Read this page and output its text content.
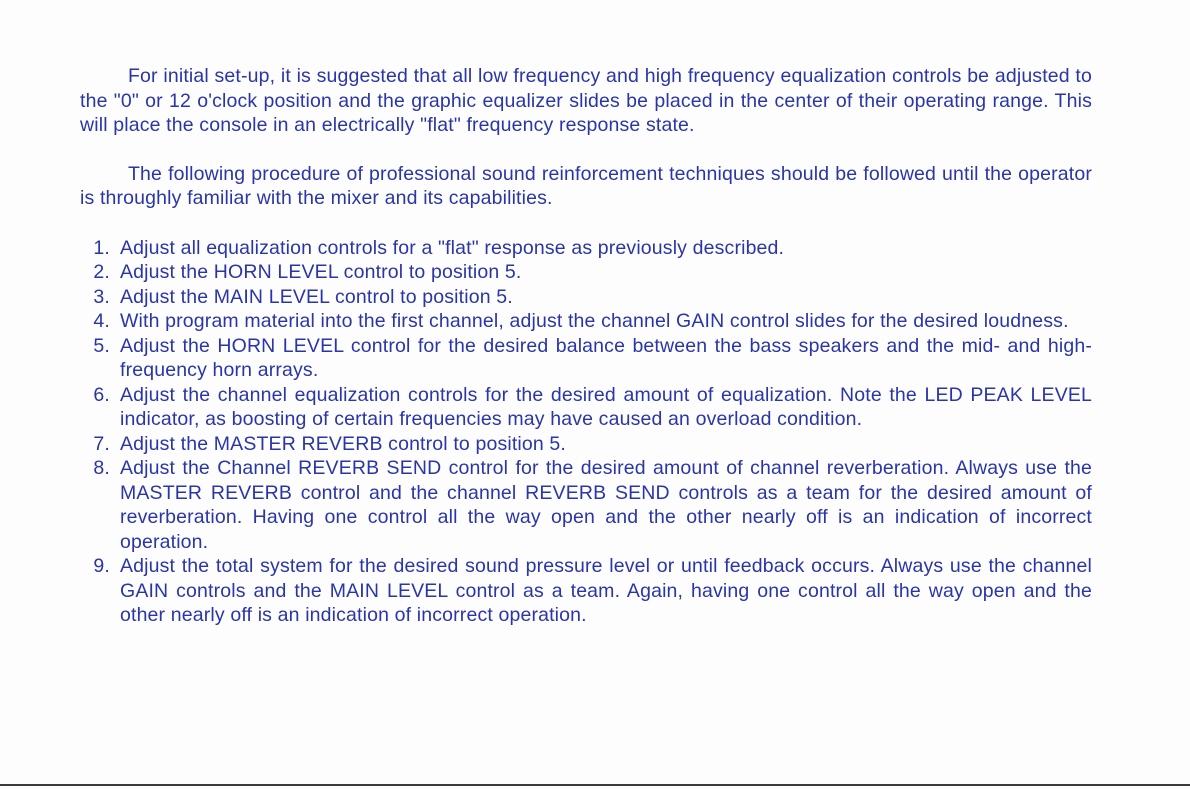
For initial set-up, it is suggested that all low frequency and high frequency equalization controls be adjusted to the "0" or 12 o'clock position and the graphic equalizer slides be placed in the center of their operating range. This will place the console in an electrically "flat" frequency response state.

The following procedure of professional sound reinforcement techniques should be followed until the operator is throughly familiar with the mixer and its capabilities.

1. Adjust all equalization controls for a "flat" response as previously described.
2. Adjust the HORN LEVEL control to position 5.
3. Adjust the MAIN LEVEL control to position 5.
4. With program material into the first channel, adjust the channel GAIN control slides for the desired loudness.
5. Adjust the HORN LEVEL control for the desired balance between the bass speakers and the mid- and high-frequency horn arrays.
6. Adjust the channel equalization controls for the desired amount of equalization. Note the LED PEAK LEVEL indicator, as boosting of certain frequencies may have caused an overload condition.
7. Adjust the MASTER REVERB control to position 5.
8. Adjust the Channel REVERB SEND control for the desired amount of channel reverberation. Always use the MASTER REVERB control and the channel REVERB SEND controls as a team for the desired amount of reverberation. Having one control all the way open and the other nearly off is an indication of incorrect operation.
9. Adjust the total system for the desired sound pressure level or until feedback occurs. Always use the channel GAIN controls and the MAIN LEVEL control as a team. Again, having one control all the way open and the other nearly off is an indication of incorrect operation.
